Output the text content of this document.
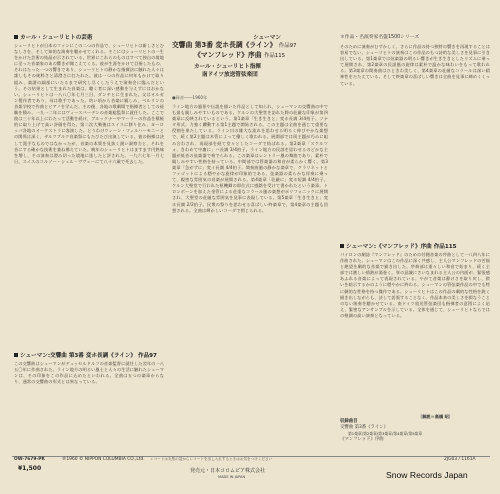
カール・シューリヒトの芸術
シューリヒトが日本のファンにこの二つの作品で、シューリヒトは新しさとむなしさを、そして知的な演奏を聴かせてくれる。そこにはシューリヒトの一生をかけた芸術の結晶が示されている。世界にこれらのものはすべて独自の境地に至った音楽家のあの響きが聞こえてくる。彼が生涯をかけて目指したもの、それはたった一つの響きであり、シューリヒトの静かな指揮法に触れた人々は誰しもその純粋さと清澄さに打たれた。彼は一つの作品に何年もかけて取り組み、楽譜の細部にいたるまで研究し尽くしたうえで演奏会に臨んだという。その結果として生まれた音楽は、聴く者に深い感動を与えずにはおかない。シューリヒトは一八八〇年七月三日、ダンチヒに生まれた。父はオルガン製作者であり、母は歌手であった。幼い頃から音楽に親しみ、ベルリンの音楽学校で作曲とピアノを学んだ。その後、各地の歌劇場で指揮者としての経験を積み、一九一二年にはヴィースバーデンの音楽総監督に就任した。ここで彼は三十年以上にわたって活動を続け、ブルックナーやマーラーの作品を積極的に取り上げて高い評価を得た。第二次大戦後はスイスに移り住み、ヨーロッパ各地のオーケストラに客演した。とりわけウィーン・フィルハーモニーとの関係は深く、ザルツブルク音楽祭にもたびたび出演している。彼の指揮は決して派手なものではなかったが、音楽の本質を見抜く鋭い洞察力と、それを音にする確かな技術を兼ね備えていた。晩年のシューリヒトはますます円熟味を増し、その演奏は澄み切った境地に達したと評された。一九六七年一月七日、スイスのコルソー・シュル・ヴヴェーにて八十六歳で死去した。
シューマン:交響曲 第3番 変ホ長調《ライン》 作品97
この交響曲はシューマンがデュッセルドルフの音楽監督に就任した翌年の一八五〇年に作曲された。ライン地方の明るい風土と人々の生活に触れたシューマンは、その印象をこの作品に込めたといわれる。全曲は五つの楽章からなり、通常の交響曲の形式とは異なっている。
シューマン
交響曲 第3番 変ホ長調《ライン》 作品97
《マンフレッド》序曲 作品115
カール・シューリヒト指揮
南ドイツ放送管弦楽団
●録音――1960年
＊作品・名演奏家名盤1500シリーズ
ライン地方の風景や伝説を描いた作品として知られ、シューマンの交響曲の中でも最も親しみやすいものである。ケルンの大聖堂を訪れた際の荘厳な印象が第四楽章に反映されているという。第1楽章「生き生きと」変ホ長調 3/4拍子。ソナタ形式。力強く躍動する第1主題で開始される。この主題は全曲を通じて重要な役割を果たしている。ライン川の雄大な流れを思わせる明るく伸びやかな楽想で、続く第2主題は木管によって優しく歌われる。展開部では両主題が巧みに組み合わされ、再現部を経て堂々としたコーダで結ばれる。第2楽章「スケルツォ、きわめて中庸に」ハ長調 3/4拍子。ライン地方の民謡を思わせるのどかな主題が低音の弦楽器で奏でられる。この楽章はレントラー風の舞曲であり、素朴で親しみやすい性格を持っている。中間部では管楽器の和音が柔らかく響く。第3楽章「急がずに」変イ長調 4/4拍子。間奏曲風の静かな楽章で、クラリネットとファゴットによる穏やかな旋律が印象的である。弦楽器の柔らかな伴奏に乗って、親密な雰囲気の音楽が展開される。第4楽章「荘厳に」変ホ短調 4/4拍子。ケルン大聖堂で行われた枢機卿の即位式に感銘を受けて書かれたという楽章。トロンボーンを加えた金管による荘重なコラール風の楽想がポリフォニックに展開され、大聖堂の荘厳な雰囲気を見事に表現している。第5楽章「生き生きと」変ホ長調 2/2拍子。民衆の祭りを思わせる喜ばしい終楽章で、第4楽章の主題も回想される。全曲は輝かしいコーダで閉じられる。
そのために演奏がむずかしく、さらに作品の持つ独特の響きを再現することは容易でない。シューリヒトの演奏はこの作品のもつ詩的な美しさを見事に引き出している。第1楽章では弦楽器の明るい響きが生き生きとしたリズムに乗って展開され、第2楽章の民謡風の旋律は素朴で温かな味わいをもって歌われる。第3楽章の間奏曲はひときわ美しく、第4楽章の荘厳なコラールは深い精神性をたたえている。そして終楽章の喜ばしい響きは全曲を見事に締めくくっている。
シューマン:《マンフレッド》序曲 作品115
バイロンの劇詩『マンフレッド』のための付随音楽の序曲として一八四八年に作曲された。シューマンはこの作品に深く共感し、主人公マンフレッドの苦悩と絶望を劇的な音楽で描き出した。序奏部は重々しい和音で始まり、続く主部では激しい情熱が渦巻く。罪の意識にさいなまれる主人公の内面が、緊張感あふれる音楽によって表現されている。やがて音楽は静けさを取り戻し、救いを暗示するかのように穏やかに終わる。シューマンの管弦楽作品の中でも特に劇的な性格を持つ傑作である。シューリヒトはこの作品の劇的な性格を鋭く描き出しながらも、決して誇張することなく、作品本来の美しさを損なうことのない演奏を聴かせている。南ドイツ放送管弦楽団も指揮者の意図によく応え、緊密なアンサンブルを示している。全体を通じて、シューリヒトならではの格調の高い演奏となっている。
〔解説＝高橋 昭〕
収録曲目
交響曲 第3番《ライン》
第1楽章/第2楽章/第3楽章/第4楽章/第5楽章
《マンフレッド》序曲
OW-7679-PK	℗1960 © NIPPON COLUMBIA CO.,Ltd. レコードは丸型の袋からレコードを出し入れするときはお気をつけください	2JG03 / 1161A
¥1,500	発売元・日本コロムビア株式会社
MADE IN JAPAN	Snow Records Japan
